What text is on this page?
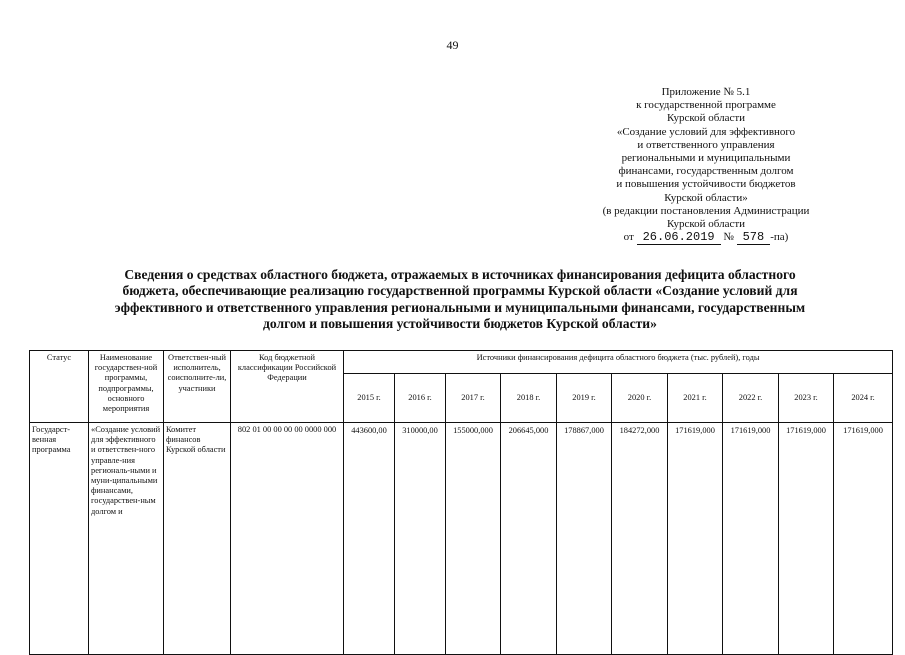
49
Приложение № 5.1
к государственной программе
Курской области
«Создание условий для эффективного
и ответственного управления
региональными и муниципальными
финансами, государственным долгом
и повышения устойчивости бюджетов
Курской области»
(в редакции постановления Администрации
Курской области
от 26.06.2019 № 578 -па)
Сведения о средствах областного бюджета, отражаемых в источниках финансирования дефицита областного
бюджета, обеспечивающие реализацию государственной программы Курской области «Создание условий для
эффективного и ответственного управления региональными и муниципальными финансами, государственным
долгом и повышения устойчивости бюджетов Курской области»
Статус	Наименование государствен-ной программы, подпрограммы, основного мероприятия	Ответствен-ный исполнитель, соисполните-ли, участники	Код бюджетной классификации Российской Федерации	Источники финансирования дефицита областного бюджета (тыс. рублей), годы									
				2015 г.	2016 г.	2017 г.	2018 г.	2019 г.	2020 г.	2021 г.	2022 г.	2023 г.	2024 г.
Государст-венная программа	«Создание условий для эффективного и ответствен-ного управле-ния региональ-ными и муни-ципальными финансами, государствен-ным долгом и	Комитет финансов Курской области	802 01 00 00 00 00 0000 000	443600,00	310000,00	155000,000	206645,000	178867,000	184272,000	171619,000	171619,000	171619,000	171619,000
